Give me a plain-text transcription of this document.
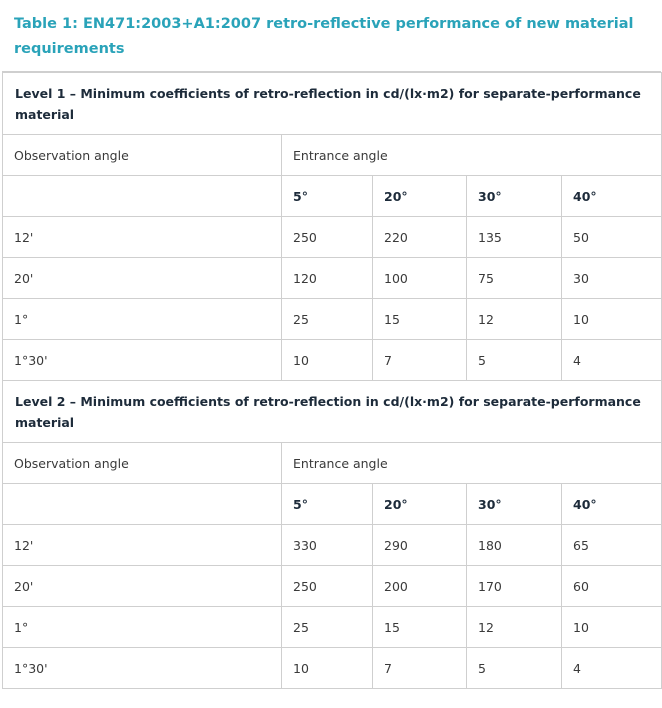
Table 1: EN471:2003+A1:2007 retro-reflective performance of new material requirements
Level 1 – Minimum coefficients of retro-reflection in cd/(lx·m2) for separate-performance material				
Observation angle	Entrance angle			
	5°	20°	30°	40°
12'	250	220	135	50
20'	120	100	75	30
1°	25	15	12	10
1°30'	10	7	5	4
Level 2 – Minimum coefficients of retro-reflection in cd/(lx·m2) for separate-performance material				
Observation angle	Entrance angle			
	5°	20°	30°	40°
12'	330	290	180	65
20'	250	200	170	60
1°	25	15	12	10
1°30'	10	7	5	4
